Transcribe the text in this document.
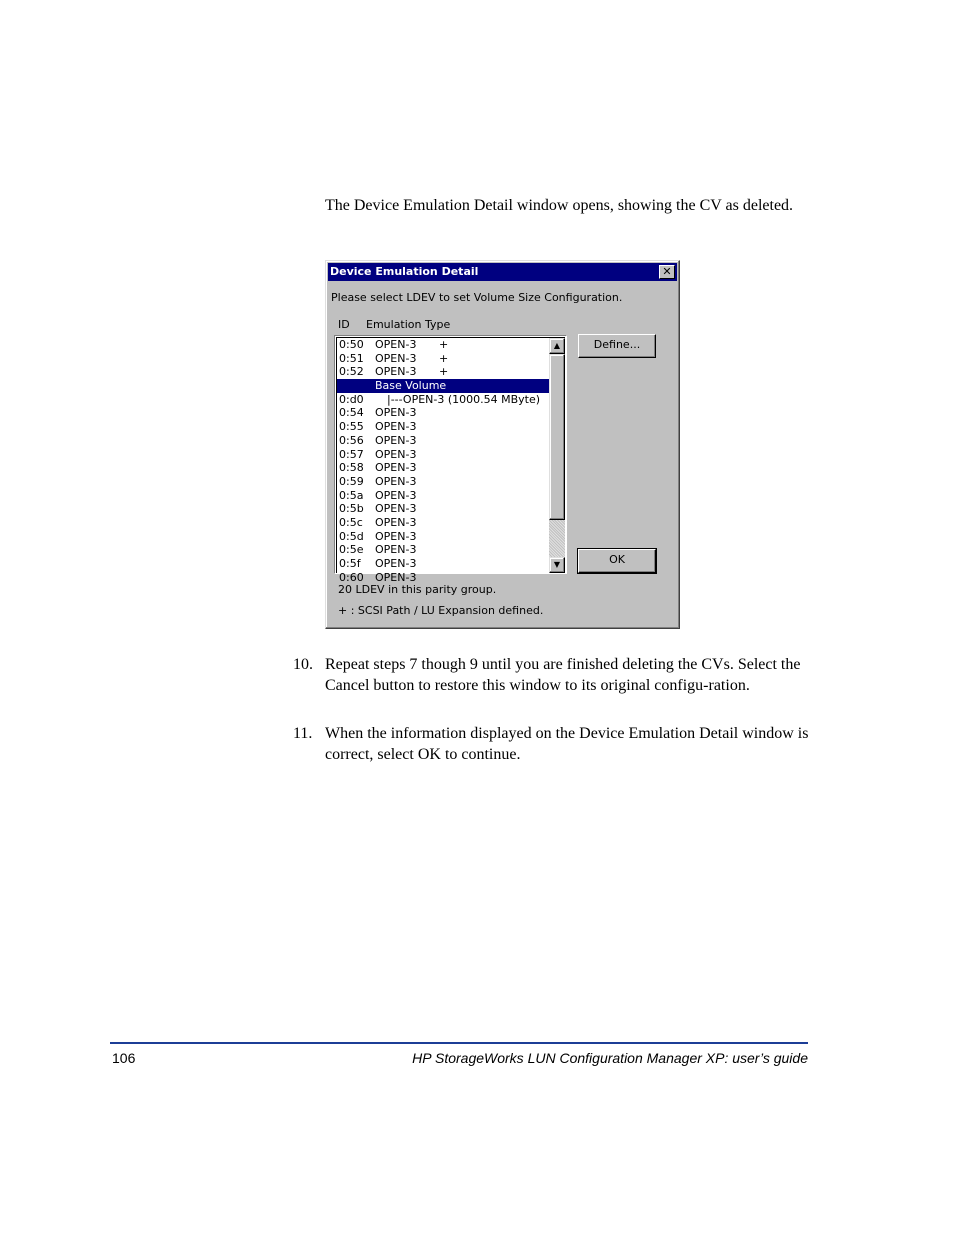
The Device Emulation Detail window opens, showing the CV as deleted.

Device Emulation Detail	✕
Please select LDEV to set Volume Size Configuration.
ID Emulation Type
0:50 OPEN-3 +
0:51 OPEN-3 +
0:52 OPEN-3 +
Base Volume
0:d0 |---OPEN-3 (1000.54 MByte)
0:54 OPEN-3
0:55 OPEN-3
0:56 OPEN-3
0:57 OPEN-3
0:58 OPEN-3
0:59 OPEN-3
0:5a OPEN-3
0:5b OPEN-3
0:5c OPEN-3
0:5d OPEN-3
0:5e OPEN-3
0:5f OPEN-3
0:60 OPEN-3
▲
▼
Define...
OK
20 LDEV in this parity group.
+ : SCSI Path / LU Expansion defined.
10. Repeat steps 7 though 9 until you are finished deleting the CVs. Select the Cancel button to restore this window to its original configu-ration.
11. When the information displayed on the Device Emulation Detail window is correct, select OK to continue.
106	HP StorageWorks LUN Configuration Manager XP: user’s guide
